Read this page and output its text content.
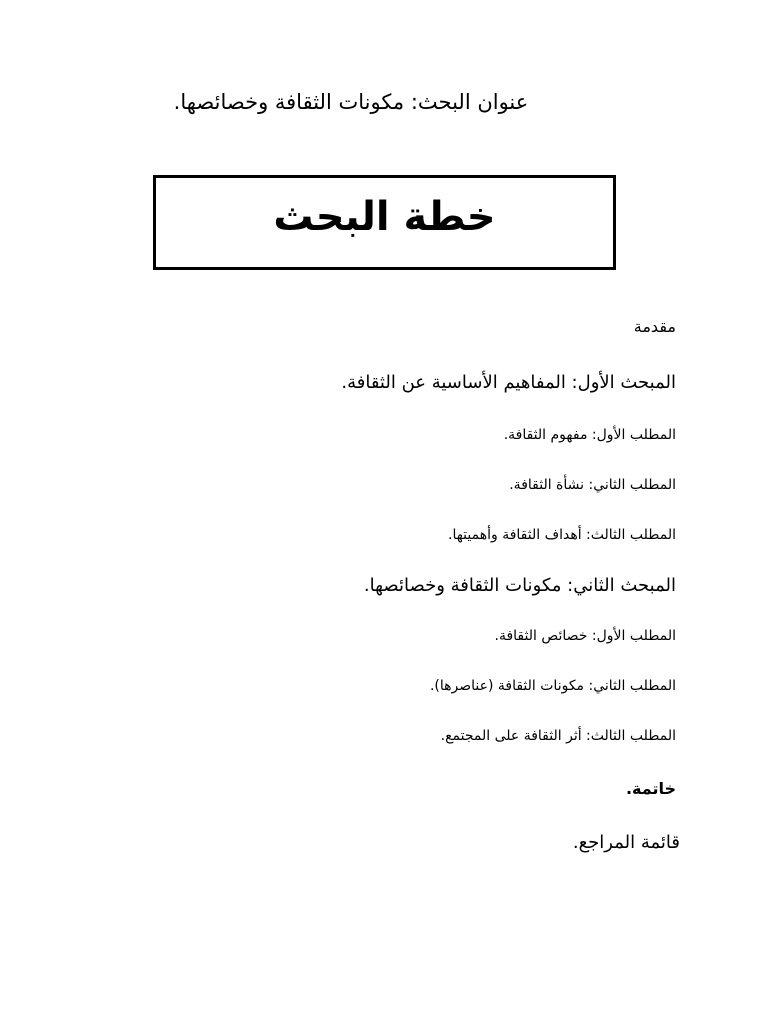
عنوان البحث: مكونات الثقافة وخصائصها.
خطة البحث
مقدمة
المبحث الأول: المفاهيم الأساسية عن الثقافة.
المطلب الأول: مفهوم الثقافة.
المطلب الثاني: نشأة الثقافة.
المطلب الثالث: أهداف الثقافة وأهميتها.
المبحث الثاني: مكونات الثقافة وخصائصها.
المطلب الأول: خصائص الثقافة.
المطلب الثاني: مكونات الثقافة (عناصرها).
المطلب الثالث: أثر الثقافة على المجتمع.
خاتمة.
قائمة المراجع.
